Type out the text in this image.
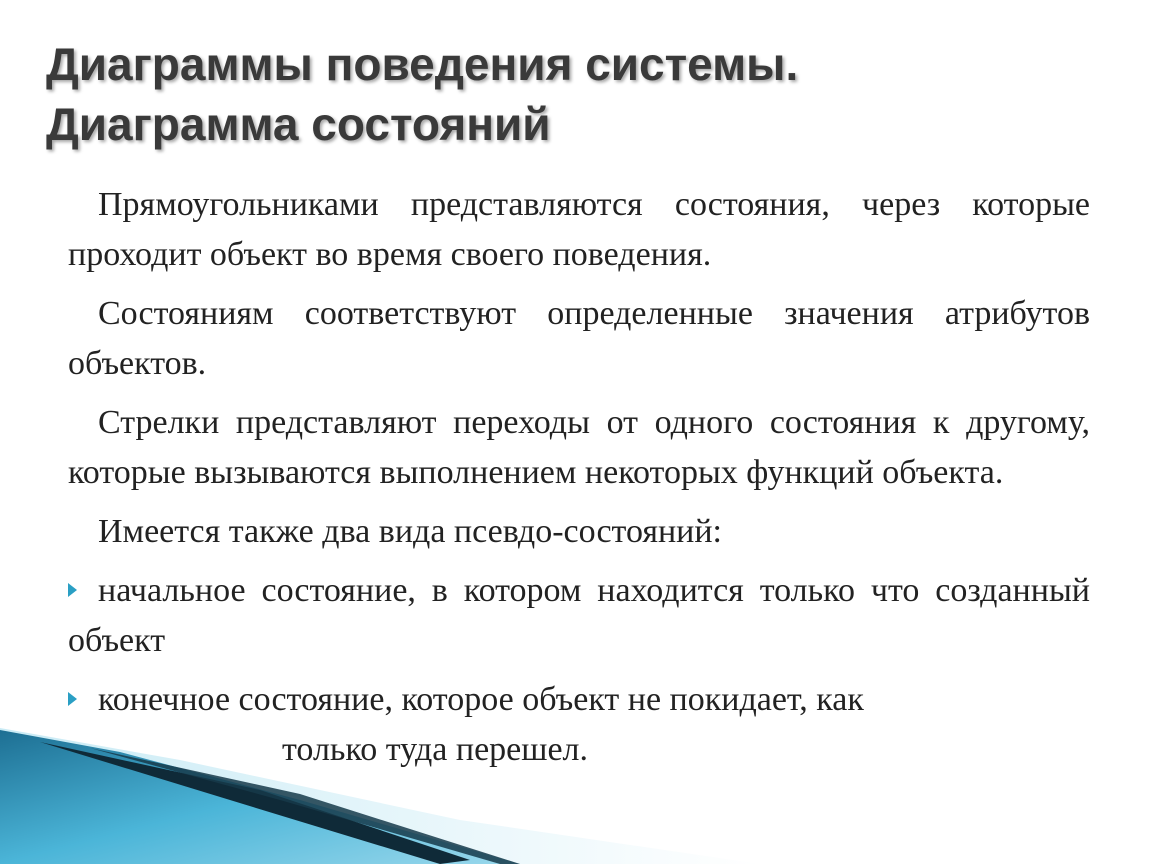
Диаграммы поведения системы.
Диаграмма состояний

Прямоугольниками представляются состояния, через которые проходит объект во время своего поведения.

Состояниям соответствуют определенные значения атрибутов объектов.

Стрелки представляют переходы от одного состояния к другому, которые вызываются выполнением некоторых функций объекта.

Имеется также два вида псевдо-состояний:

начальное состояние, в котором находится только что созданный объект
конечное состояние, которое объект не покидает, как
только туда перешел.
